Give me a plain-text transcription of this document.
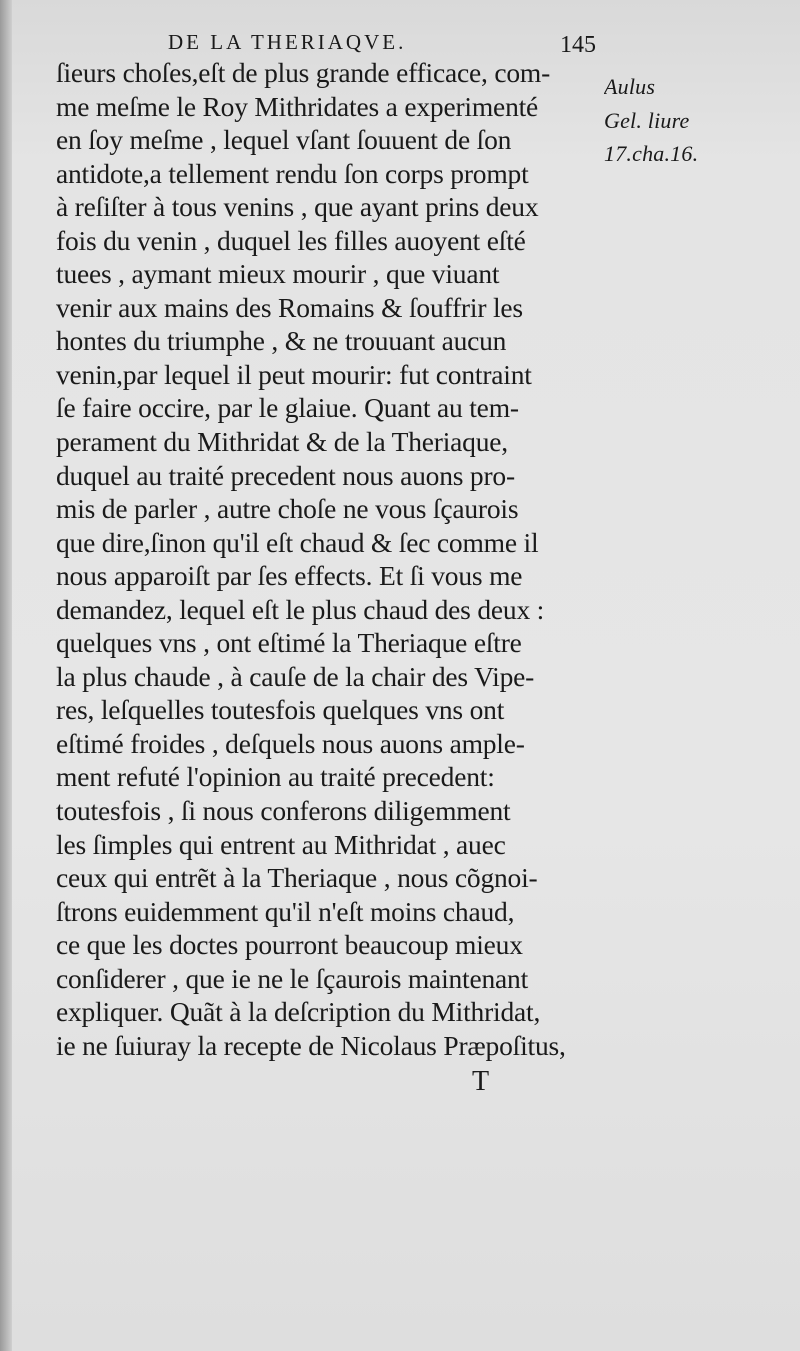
DE LA THERIAQVE.	145
ſieurs choſes,eſt de plus grande efficace, com-
me meſme le Roy Mithridates a experimenté
en ſoy meſme , lequel vſant ſouuent de ſon
antidote,a tellement rendu ſon corps prompt
à reſiſter à tous venins , que ayant prins deux
fois du venin , duquel les filles auoyent eſté
tuees , aymant mieux mourir , que viuant
venir aux mains des Romains & ſouffrir les
hontes du triumphe , & ne trouuant aucun
venin,par lequel il peut mourir: fut contraint
ſe faire occire, par le glaiue. Quant au tem-
perament du Mithridat & de la Theriaque,
duquel au traité precedent nous auons pro-
mis de parler , autre choſe ne vous ſçaurois
que dire,ſinon qu'il eſt chaud & ſec comme il
nous apparoiſt par ſes effects. Et ſi vous me
demandez, lequel eſt le plus chaud des deux :
quelques vns , ont eſtimé la Theriaque eſtre
la plus chaude , à cauſe de la chair des Vipe-
res, leſquelles toutesfois quelques vns ont
eſtimé froides , deſquels nous auons ample-
ment refuté l'opinion au traité precedent:
toutesfois , ſi nous conferons diligemment
les ſimples qui entrent au Mithridat , auec
ceux qui entrẽt à la Theriaque , nous cõgnoi-
ſtrons euidemment qu'il n'eſt moins chaud,
ce que les doctes pourront beaucoup mieux
conſiderer , que ie ne le ſçaurois maintenant
expliquer. Quãt à la deſcription du Mithridat,
ie ne ſuiuray la recepte de Nicolaus Præpoſitus,
Aulus
Gel. liure
17.cha.16.
T
